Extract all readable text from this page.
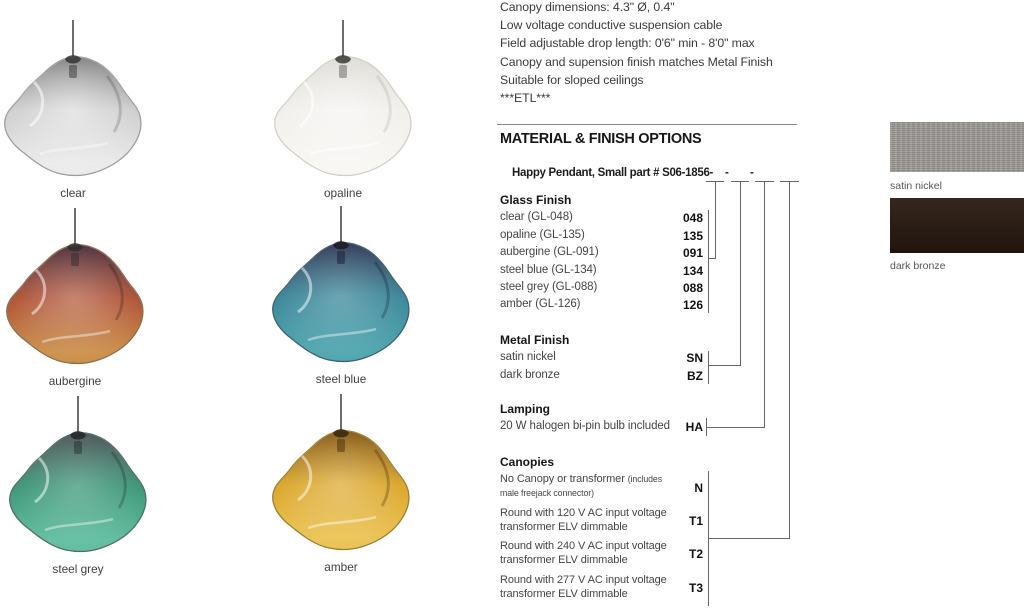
clear	opaline
aubergine	steel blue
steel grey	amber
Canopy dimensions: 4.3" Ø, 0.4"
Low voltage conductive suspension cable
Field adjustable drop length: 0'6" min - 8'0" max
Canopy and supension finish matches Metal Finish
Suitable for sloped ceilings
***ETL***
MATERIAL & FINISH OPTIONS
Happy Pendant, Small part # S06-1856- - -
Glass Finish
clear (GL-048)	048
opaline (GL-135)	135
aubergine (GL-091)	091
steel blue (GL-134)	134
steel grey (GL-088)	088
amber (GL-126)	126
Metal Finish
satin nickel	SN
dark bronze	BZ
Lamping
20 W halogen bi-pin bulb included	HA
Canopies
No Canopy or transformer (includes male freejack connector)	N
Round with 120 V AC input voltage transformer ELV dimmable	T1
Round with 240 V AC input voltage transformer ELV dimmable	T2
Round with 277 V AC input voltage transformer ELV dimmable	T3
satin nickel
dark bronze
